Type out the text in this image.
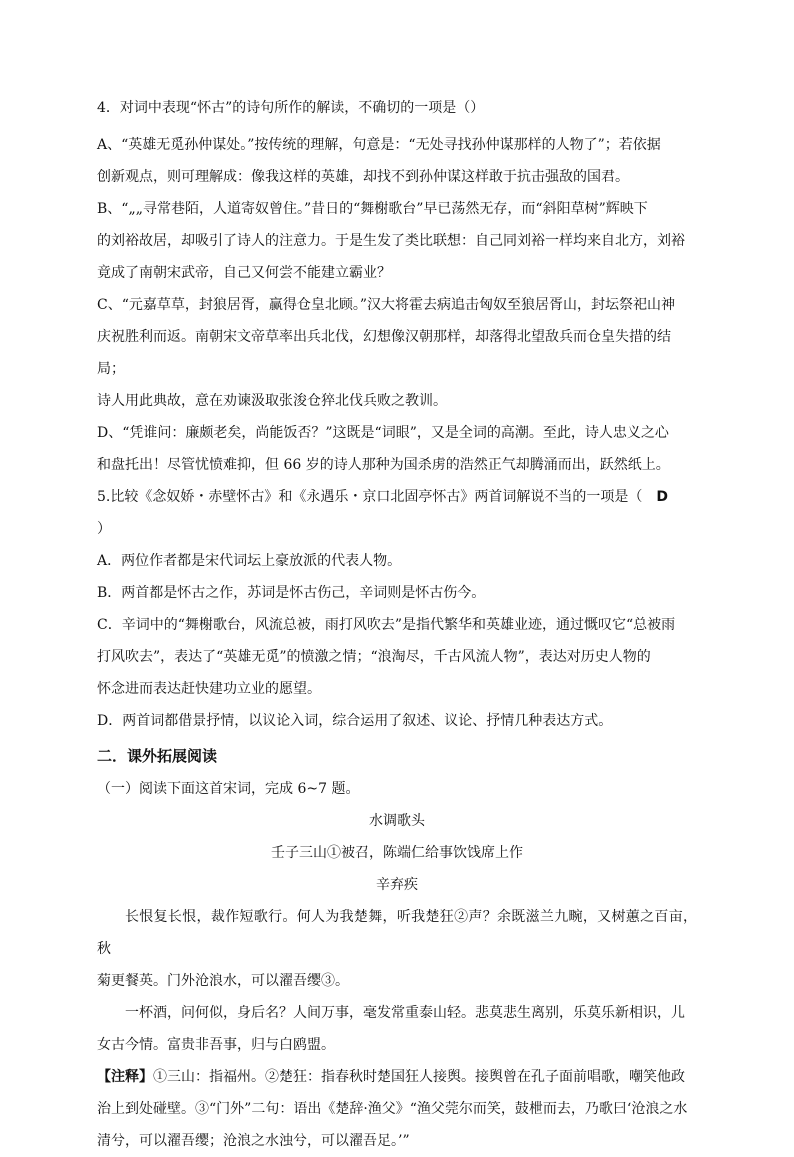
4．对词中表现“怀古”的诗句所作的解读，不确切的一项是（）

A、“英雄无觅孙仲谋处。”按传统的理解，句意是：“无处寻找孙仲谋那样的人物了”；若依据

创新观点，则可理解成：像我这样的英雄，却找不到孙仲谋这样敢于抗击强敌的国君。

B、“„„寻常巷陌，人道寄奴曾住。”昔日的“舞榭歌台”早已荡然无存，而“斜阳草树”辉映下

的刘裕故居，却吸引了诗人的注意力。于是生发了类比联想：自己同刘裕一样均来自北方，刘裕

竟成了南朝宋武帝，自己又何尝不能建立霸业？

C、“元嘉草草，封狼居胥，赢得仓皇北顾。”汉大将霍去病追击匈奴至狼居胥山，封坛祭祀山神

庆祝胜利而返。南朝宋文帝草率出兵北伐，幻想像汉朝那样，却落得北望敌兵而仓皇失措的结局；

诗人用此典故，意在劝谏汲取张浚仓猝北伐兵败之教训。

D、“凭谁问：廉颇老矣，尚能饭否？”这既是“词眼”，又是全词的高潮。至此，诗人忠义之心

和盘托出！尽管忧愤难抑，但 66 岁的诗人那种为国杀虏的浩然正气却腾涌而出，跃然纸上。

5.比较《念奴娇・赤壁怀古》和《永遇乐・京口北固亭怀古》两首词解说不当的一项是（ D）

A．两位作者都是宋代词坛上豪放派的代表人物。

B．两首都是怀古之作，苏词是怀古伤己，辛词则是怀古伤今。

C．辛词中的“舞榭歌台，风流总被，雨打风吹去”是指代繁华和英雄业迹，通过慨叹它“总被雨

打风吹去”，表达了“英雄无觅”的愤激之情；“浪淘尽，千古风流人物”，表达对历史人物的

怀念进而表达赶快建功立业的愿望。

D．两首词都借景抒情，以议论入词，综合运用了叙述、议论、抒情几种表达方式。

二．课外拓展阅读

（一）阅读下面这首宋词，完成 6~7 题。

水调歌头

壬子三山①被召，陈端仁给事饮饯席上作

辛弃疾

长恨复长恨，裁作短歌行。何人为我楚舞，听我楚狂②声？余既滋兰九畹，又树蕙之百亩，秋

菊更餐英。门外沧浪水，可以濯吾缨③。

一杯酒，问何似，身后名？人间万事，毫发常重泰山轻。悲莫悲生离别，乐莫乐新相识，儿

女古今情。富贵非吾事，归与白鸥盟。

【注释】①三山：指福州。②楚狂：指春秋时楚国狂人接舆。接舆曾在孔子面前唱歌，嘲笑他政

治上到处碰壁。③“门外”二句：语出《楚辞·渔父》“渔父莞尔而笑，鼓枻而去，乃歌曰‘沧浪之水

清兮，可以濯吾缨；沧浪之水浊兮，可以濯吾足。’”
